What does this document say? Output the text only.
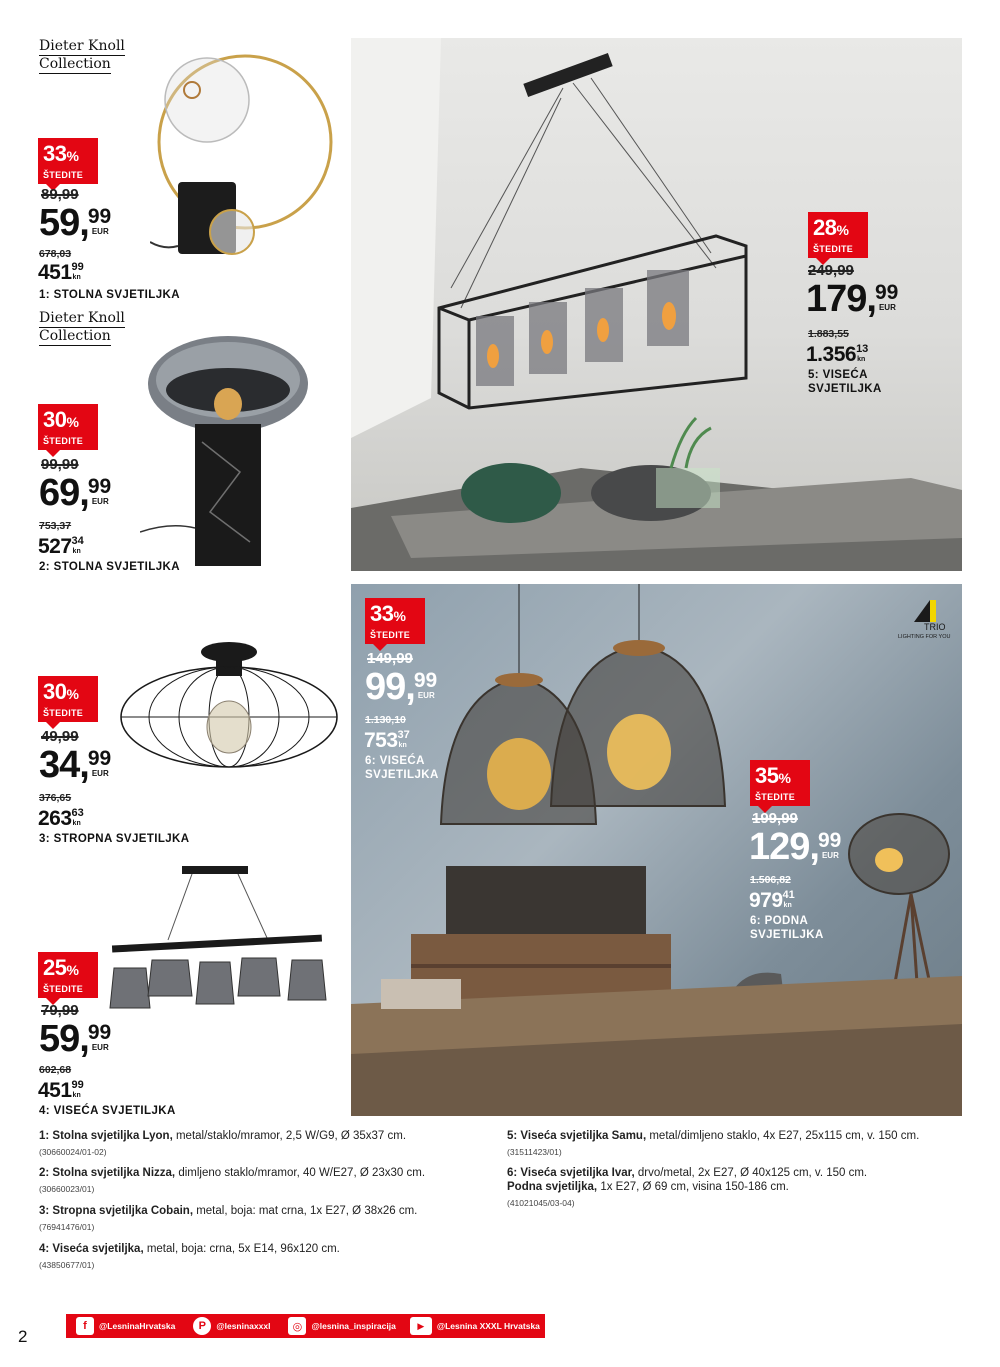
Dieter Knoll
Collection
33%
ŠTEDITE
89,99
59,
99
EUR
678,03
451 99
kn
1: STOLNA SVJETILJKA
Dieter Knoll
Collection
30%
ŠTEDITE
99,99
69,
99
EUR
753,37
527 34
kn
2: STOLNA SVJETILJKA
30%
ŠTEDITE
49,99
34,
99
EUR
376,65
263 63
kn
3: STROPNA SVJETILJKA
25%
ŠTEDITE
79,99
59,
99
EUR
602,68
451 99
kn
4: VISEĆA SVJETILJKA
28%
ŠTEDITE
249,99
179,
99
EUR
1.883,55
1.356 13
kn
5: VISEĆA
SVJETILJKA
TRIO
LIGHTING FOR YOU
33%
ŠTEDITE
149,99
99,
99
EUR
1.130,10
753 37
kn
6: VISEĆA
SVJETILJKA	35%
ŠTEDITE
199,99
129,
99
EUR
1.506,82
979 41
kn
6: PODNA
SVJETILJKA
1: Stolna svjetiljka Lyon, metal/staklo/mramor, 2,5 W/G9, Ø 35x37 cm.
(30660024/01-02)
2: Stolna svjetiljka Nizza, dimljeno staklo/mramor, 40 W/E27, Ø 23x30 cm.
(30660023/01)
3: Stropna svjetiljka Cobain, metal, boja: mat crna, 1x E27, Ø 38x26 cm.
(76941476/01)
4: Viseća svjetiljka, metal, boja: crna, 5x E14, 96x120 cm.
(43850677/01)
5: Viseća svjetiljka Samu, metal/dimljeno staklo, 4x E27, 25x115 cm, v. 150 cm.
(31511423/01)
6: Viseća svjetiljka Ivar, drvo/metal, 2x E27, Ø 40x125 cm, v. 150 cm.
Podna svjetiljka, 1x E27, Ø 69 cm, visina 150-186 cm.
(41021045/03-04)
2
f	@LesninaHrvatska	P	@lesninaxxxl	◎	@lesnina_inspiracija	▶	@Lesnina XXXL Hrvatska
